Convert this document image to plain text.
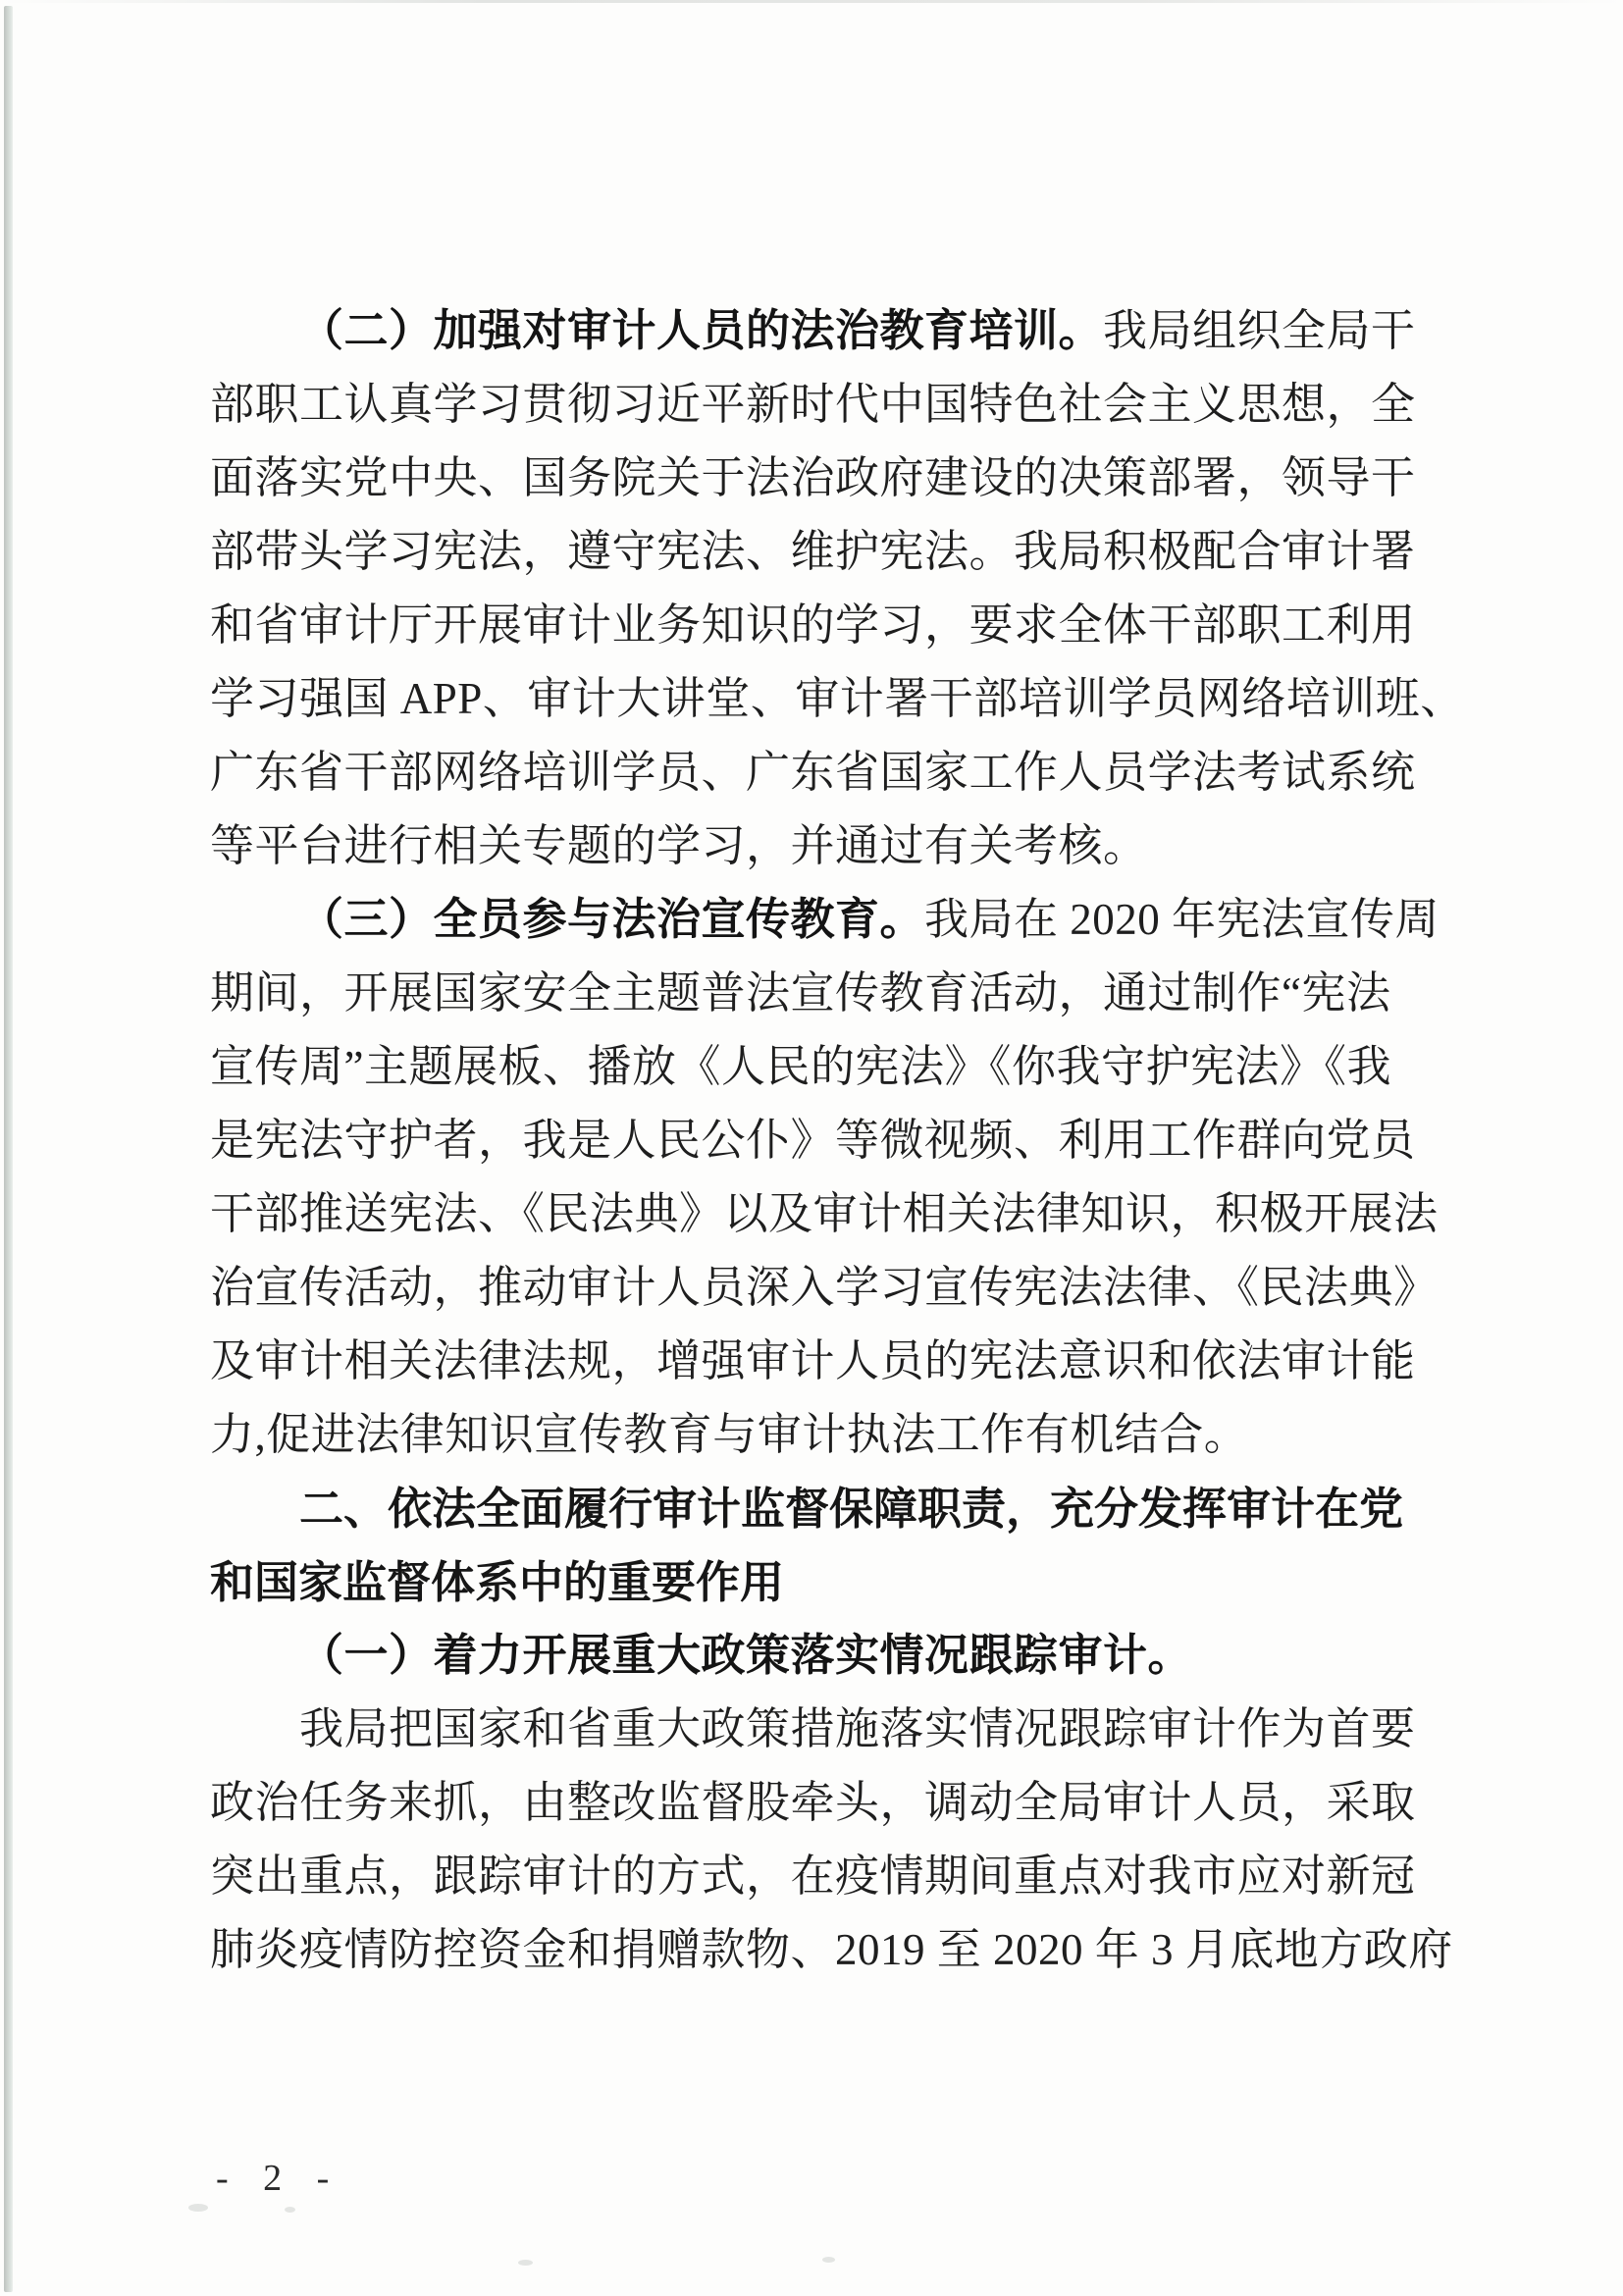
（二）加强对审计人员的法治教育培训。我局组织全局干
部职工认真学习贯彻习近平新时代中国特色社会主义思想，全
面落实党中央、国务院关于法治政府建设的决策部署，领导干
部带头学习宪法，遵守宪法、维护宪法。我局积极配合审计署
和省审计厅开展审计业务知识的学习，要求全体干部职工利用
学习强国 APP、审计大讲堂、审计署干部培训学员网络培训班、
广东省干部网络培训学员、广东省国家工作人员学法考试系统
等平台进行相关专题的学习，并通过有关考核。
（三）全员参与法治宣传教育。我局在 2020 年宪法宣传周
期间，开展国家安全主题普法宣传教育活动，通过制作“宪法
宣传周”主题展板、播放《人民的宪法》《你我守护宪法》《我
是宪法守护者，我是人民公仆》等微视频、利用工作群向党员
干部推送宪法、《民法典》以及审计相关法律知识，积极开展法
治宣传活动，推动审计人员深入学习宣传宪法法律、《民法典》
及审计相关法律法规，增强审计人员的宪法意识和依法审计能
力,促进法律知识宣传教育与审计执法工作有机结合。
二、依法全面履行审计监督保障职责，充分发挥审计在党
和国家监督体系中的重要作用
（一）着力开展重大政策落实情况跟踪审计。
我局把国家和省重大政策措施落实情况跟踪审计作为首要
政治任务来抓，由整改监督股牵头，调动全局审计人员，采取
突出重点，跟踪审计的方式，在疫情期间重点对我市应对新冠
肺炎疫情防控资金和捐赠款物、2019 至 2020 年 3 月底地方政府
- 2 -
